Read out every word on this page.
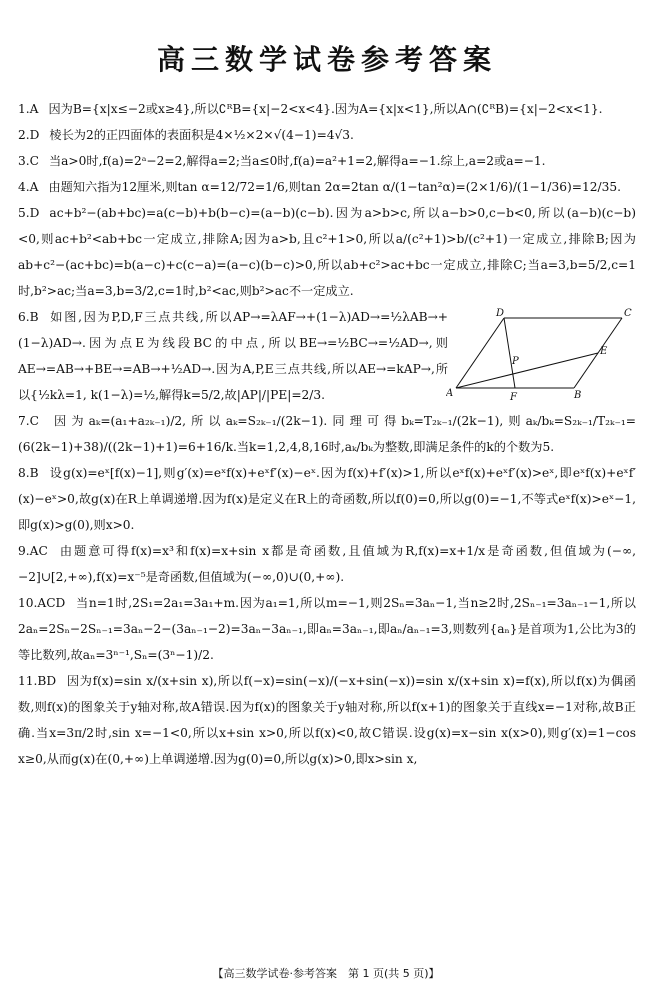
高三数学试卷参考答案
1.A 因为B={x|x≤−2或x≥4},所以∁ᴿB={x|−2<x<4}.因为A={x|x<1},所以A∩(∁ᴿB)={x|−2<x<1}.
2.D 棱长为2的正四面体的表面积是4×½×2×√(4−1)=4√3.
3.C 当a>0时,f(a)=2ᵃ−2=2,解得a=2;当a≤0时,f(a)=a²+1=2,解得a=−1.综上,a=2或a=−1.
4.A 由题知六指为12厘米,则tan α=12/72=1/6,则tan 2α=2tan α/(1−tan²α)=(2×1/6)/(1−1/36)=12/35.
5.D ac+b²−(ab+bc)=a(c−b)+b(b−c)=(a−b)(c−b).因为a>b>c,所以a−b>0,c−b<0,所以(a−b)(c−b)<0,则ac+b²<ab+bc一定成立,排除A;因为a>b,且c²+1>0,所以a/(c²+1)>b/(c²+1)一定成立,排除B;因为ab+c²−(ac+bc)=b(a−c)+c(c−a)=(a−c)(b−c)>0,所以ab+c²>ac+bc一定成立,排除C;当a=3,b=5/2,c=1时,b²>ac;当a=3,b=3/2,c=1时,b²<ac,则b²>ac不一定成立.
6.B 如图,因为P,D,F三点共线,所以AP→=λAF→+(1−λ)AD→=½λAB→+(1−λ)AD→.因为点E为线段BC的中点,所以BE→=½BC→=½AD→,则AE→=AB→+BE→=AB→+½AD→.因为A,P,E三点共线,所以AE→=kAP→,所以{½kλ=1, k(1−λ)=½,解得k=5/2,故|AP|/|PE|=2/3.	A	B
C
D
E
F
P
7.C 因为aₖ=(a₁+a₂ₖ₋₁)/2,所以aₖ=S₂ₖ₋₁/(2k−1).同理可得bₖ=T₂ₖ₋₁/(2k−1),则aₖ/bₖ=S₂ₖ₋₁/T₂ₖ₋₁=(6(2k−1)+38)/((2k−1)+1)=6+16/k.当k=1,2,4,8,16时,aₖ/bₖ为整数,即满足条件的k的个数为5.
8.B 设g(x)=eˣ[f(x)−1],则g′(x)=eˣf(x)+eˣf′(x)−eˣ.因为f(x)+f′(x)>1,所以eˣf(x)+eˣf′(x)>eˣ,即eˣf(x)+eˣf′(x)−eˣ>0,故g(x)在R上单调递增.因为f(x)是定义在R上的奇函数,所以f(0)=0,所以g(0)=−1,不等式eˣf(x)>eˣ−1,即g(x)>g(0),则x>0.
9.AC 由题意可得f(x)=x³和f(x)=x+sin x都是奇函数,且值域为R,f(x)=x+1/x是奇函数,但值域为(−∞,−2]∪[2,+∞),f(x)=x⁻⁵是奇函数,但值域为(−∞,0)∪(0,+∞).
10.ACD 当n=1时,2S₁=2a₁=3a₁+m.因为a₁=1,所以m=−1,则2Sₙ=3aₙ−1,当n≥2时,2Sₙ₋₁=3aₙ₋₁−1,所以2aₙ=2Sₙ−2Sₙ₋₁=3aₙ−2−(3aₙ₋₁−2)=3aₙ−3aₙ₋₁,即aₙ=3aₙ₋₁,即aₙ/aₙ₋₁=3,则数列{aₙ}是首项为1,公比为3的等比数列,故aₙ=3ⁿ⁻¹,Sₙ=(3ⁿ−1)/2.
11.BD 因为f(x)=sin x/(x+sin x),所以f(−x)=sin(−x)/(−x+sin(−x))=sin x/(x+sin x)=f(x),所以f(x)为偶函数,则f(x)的图象关于y轴对称,故A错误.因为f(x)的图象关于y轴对称,所以f(x+1)的图象关于直线x=−1对称,故B正确.当x=3π/2时,sin x=−1<0,所以x+sin x>0,所以f(x)<0,故C错误.设g(x)=x−sin x(x>0),则g′(x)=1−cos x≥0,从而g(x)在(0,+∞)上单调递增.因为g(0)=0,所以g(x)>0,即x>sin x,
【高三数学试卷·参考答案　第 1 页(共 5 页)】
